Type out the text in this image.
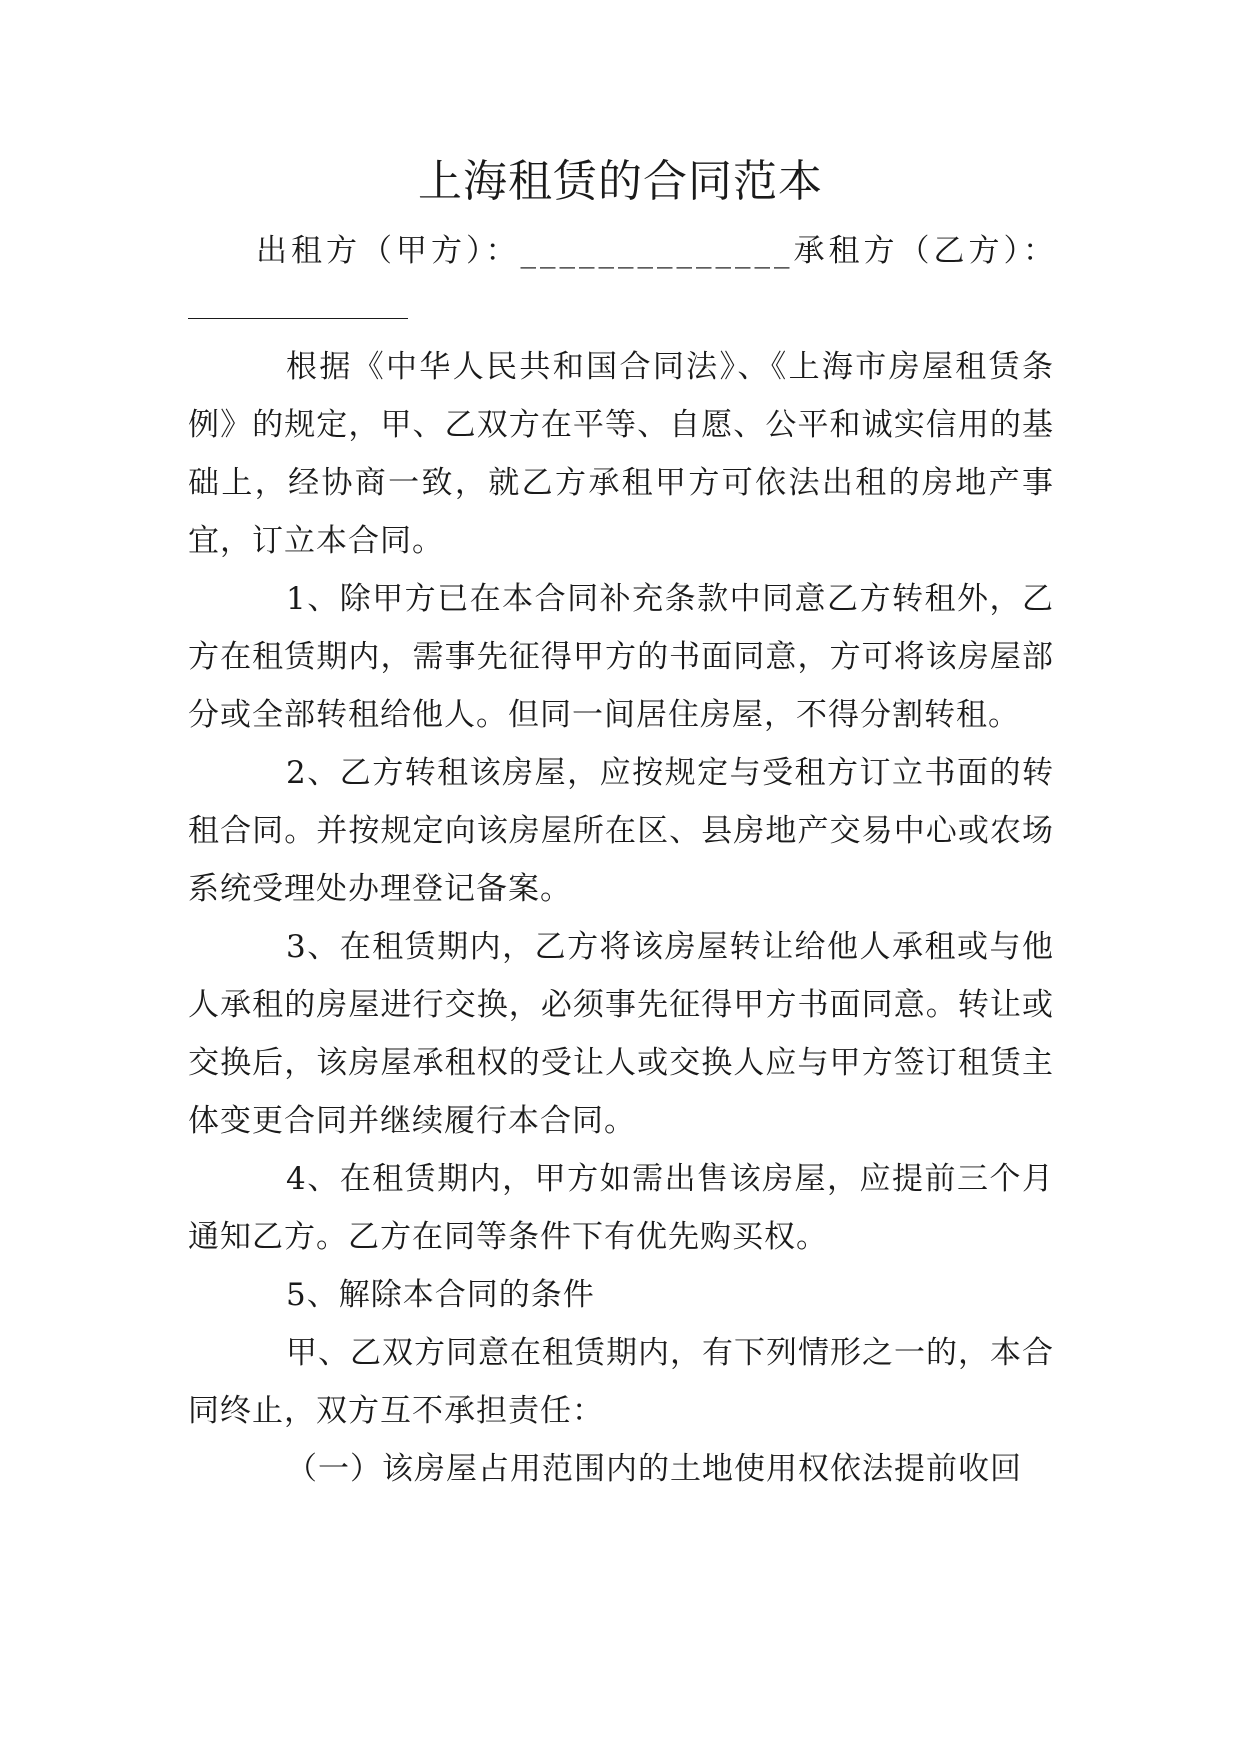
上海租赁的合同范本

出租方（甲方）：______________承租方（乙方）：

根据《中华人民共和国合同法》、《上海市房屋租赁条例》的规定，甲、乙双方在平等、自愿、公平和诚实信用的基础上，经协商一致，就乙方承租甲方可依法出租的房地产事宜，订立本合同。

1、除甲方已在本合同补充条款中同意乙方转租外，乙方在租赁期内，需事先征得甲方的书面同意，方可将该房屋部分或全部转租给他人。但同一间居住房屋，不得分割转租。

2、乙方转租该房屋，应按规定与受租方订立书面的转租合同。并按规定向该房屋所在区、县房地产交易中心或农场系统受理处办理登记备案。

3、在租赁期内，乙方将该房屋转让给他人承租或与他人承租的房屋进行交换，必须事先征得甲方书面同意。转让或交换后，该房屋承租权的受让人或交换人应与甲方签订租赁主体变更合同并继续履行本合同。

4、在租赁期内，甲方如需出售该房屋，应提前三个月通知乙方。乙方在同等条件下有优先购买权。

5、解除本合同的条件

甲、乙双方同意在租赁期内，有下列情形之一的，本合同终止，双方互不承担责任：

（一）该房屋占用范围内的土地使用权依法提前收回
